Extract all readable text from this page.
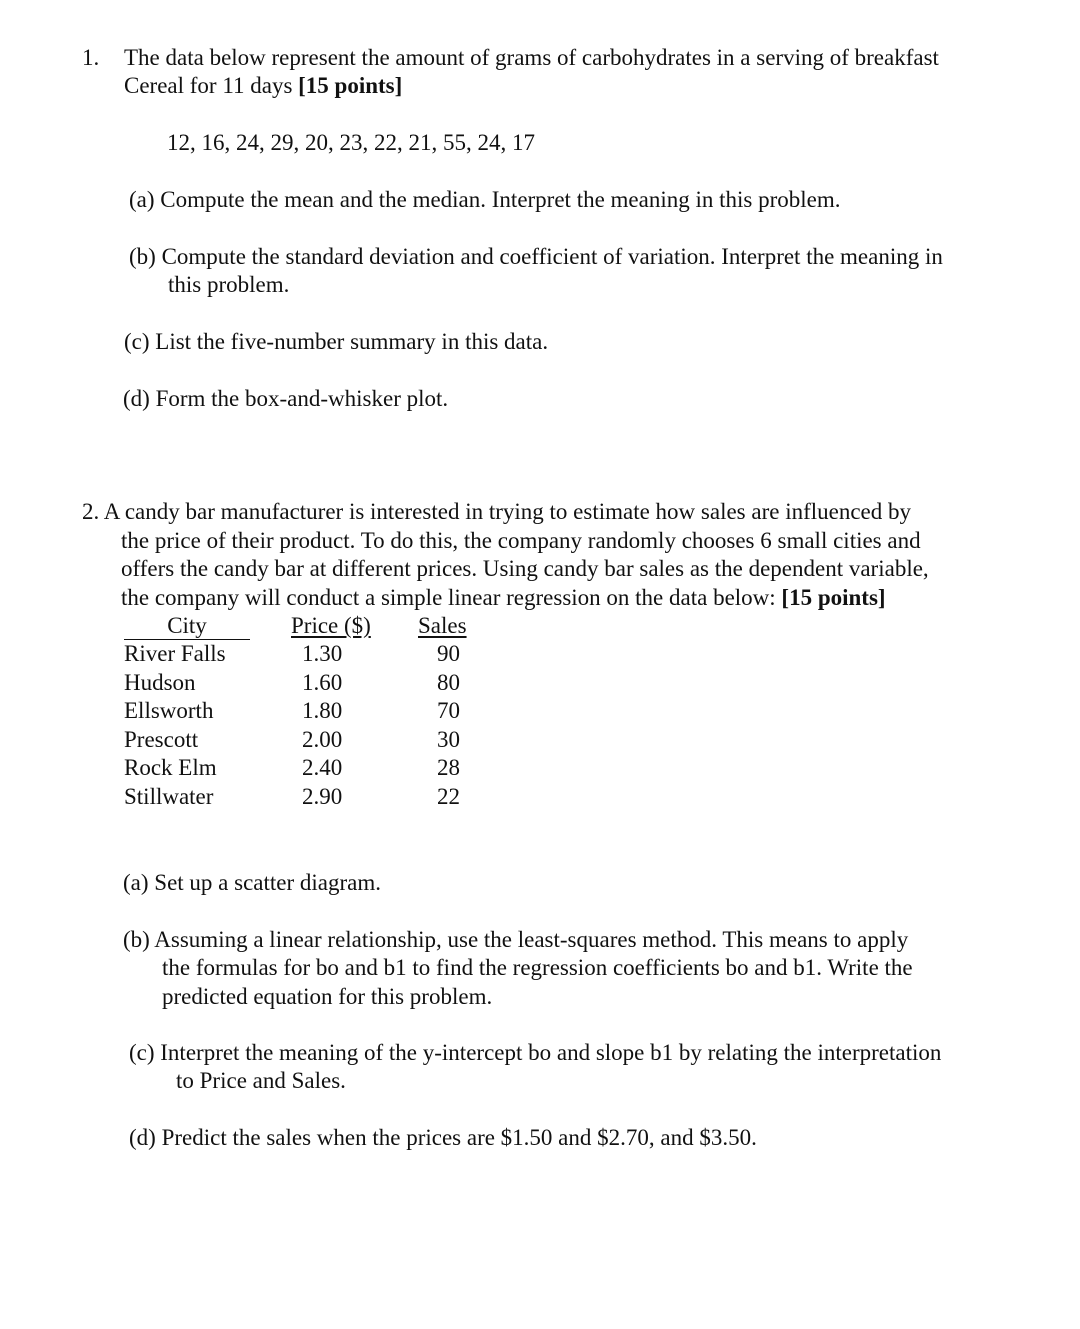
1. The data below represent the amount of grams of carbohydrates in a serving of breakfast
Cereal for 11 days [15 points]
12, 16, 24, 29, 20, 23, 22, 21, 55, 24, 17
(a) Compute the mean and the median. Interpret the meaning in this problem.
(b) Compute the standard deviation and coefficient of variation. Interpret the meaning in
this problem.
(c) List the five-number summary in this data.
(d) Form the box-and-whisker plot.
2. A candy bar manufacturer is interested in trying to estimate how sales are influenced by
the price of their product. To do this, the company randomly chooses 6 small cities and
offers the candy bar at different prices. Using candy bar sales as the dependent variable,
the company will conduct a simple linear regression on the data below: [15 points]
City	Price ($) Sales
River Falls	1.30	90
Hudson	1.60	80
Ellsworth	1.80	70
Prescott	2.00	30
Rock Elm	2.40	28
Stillwater	2.90	22
(a) Set up a scatter diagram.
(b) Assuming a linear relationship, use the least-squares method. This means to apply
the formulas for bo and b1 to find the regression coefficients bo and b1. Write the
predicted equation for this problem.
(c) Interpret the meaning of the y-intercept bo and slope b1 by relating the interpretation
to Price and Sales.
(d) Predict the sales when the prices are $1.50 and $2.70, and $3.50.
